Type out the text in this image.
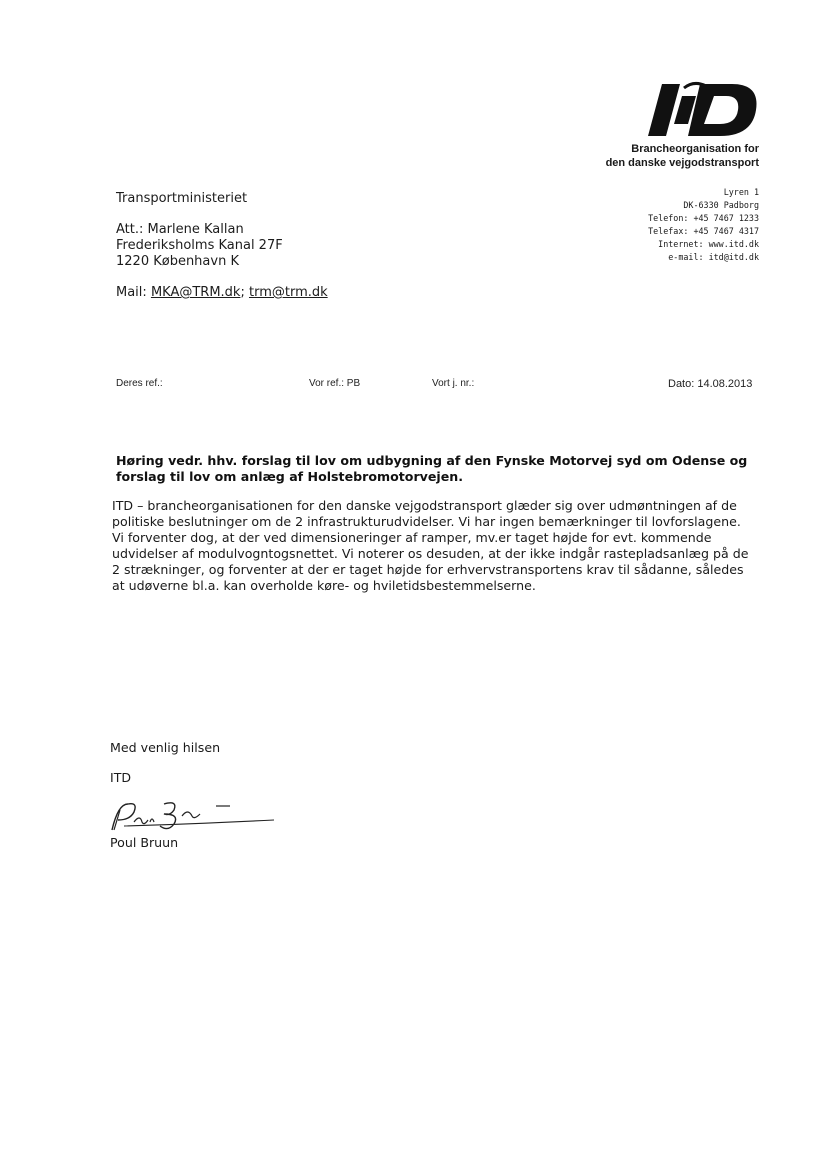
Brancheorganisation for
den danske vejgodstransport
Lyren 1
DK-6330 Padborg
Telefon: +45 7467 1233
Telefax: +45 7467 4317
Internet: www.itd.dk
e-mail: itd@itd.dk
Transportministeriet
Att.: Marlene Kallan
Frederiksholms Kanal 27F
1220 København K
Mail: MKA@TRM.dk; trm@trm.dk
Deres ref.:	Vor ref.: PB	Vort j. nr.:	Dato: 14.08.2013
Høring vedr. hhv. forslag til lov om udbygning af den Fynske Motorvej syd om Odense og
forslag til lov om anlæg af Holstebromotorvejen.
ITD – brancheorganisationen for den danske vejgodstransport glæder sig over udmøntningen af de
politiske beslutninger om de 2 infrastrukturudvidelser. Vi har ingen bemærkninger til lovforslagene.
Vi forventer dog, at der ved dimensioneringer af ramper, mv.er taget højde for evt. kommende
udvidelser af modulvogntogsnettet. Vi noterer os desuden, at der ikke indgår rastepladsanlæg på de
2 strækninger, og forventer at der er taget højde for erhvervstransportens krav til sådanne, således
at udøverne bl.a. kan overholde køre- og hviletidsbestemmelserne.
Med venlig hilsen
ITD
Poul Bruun
